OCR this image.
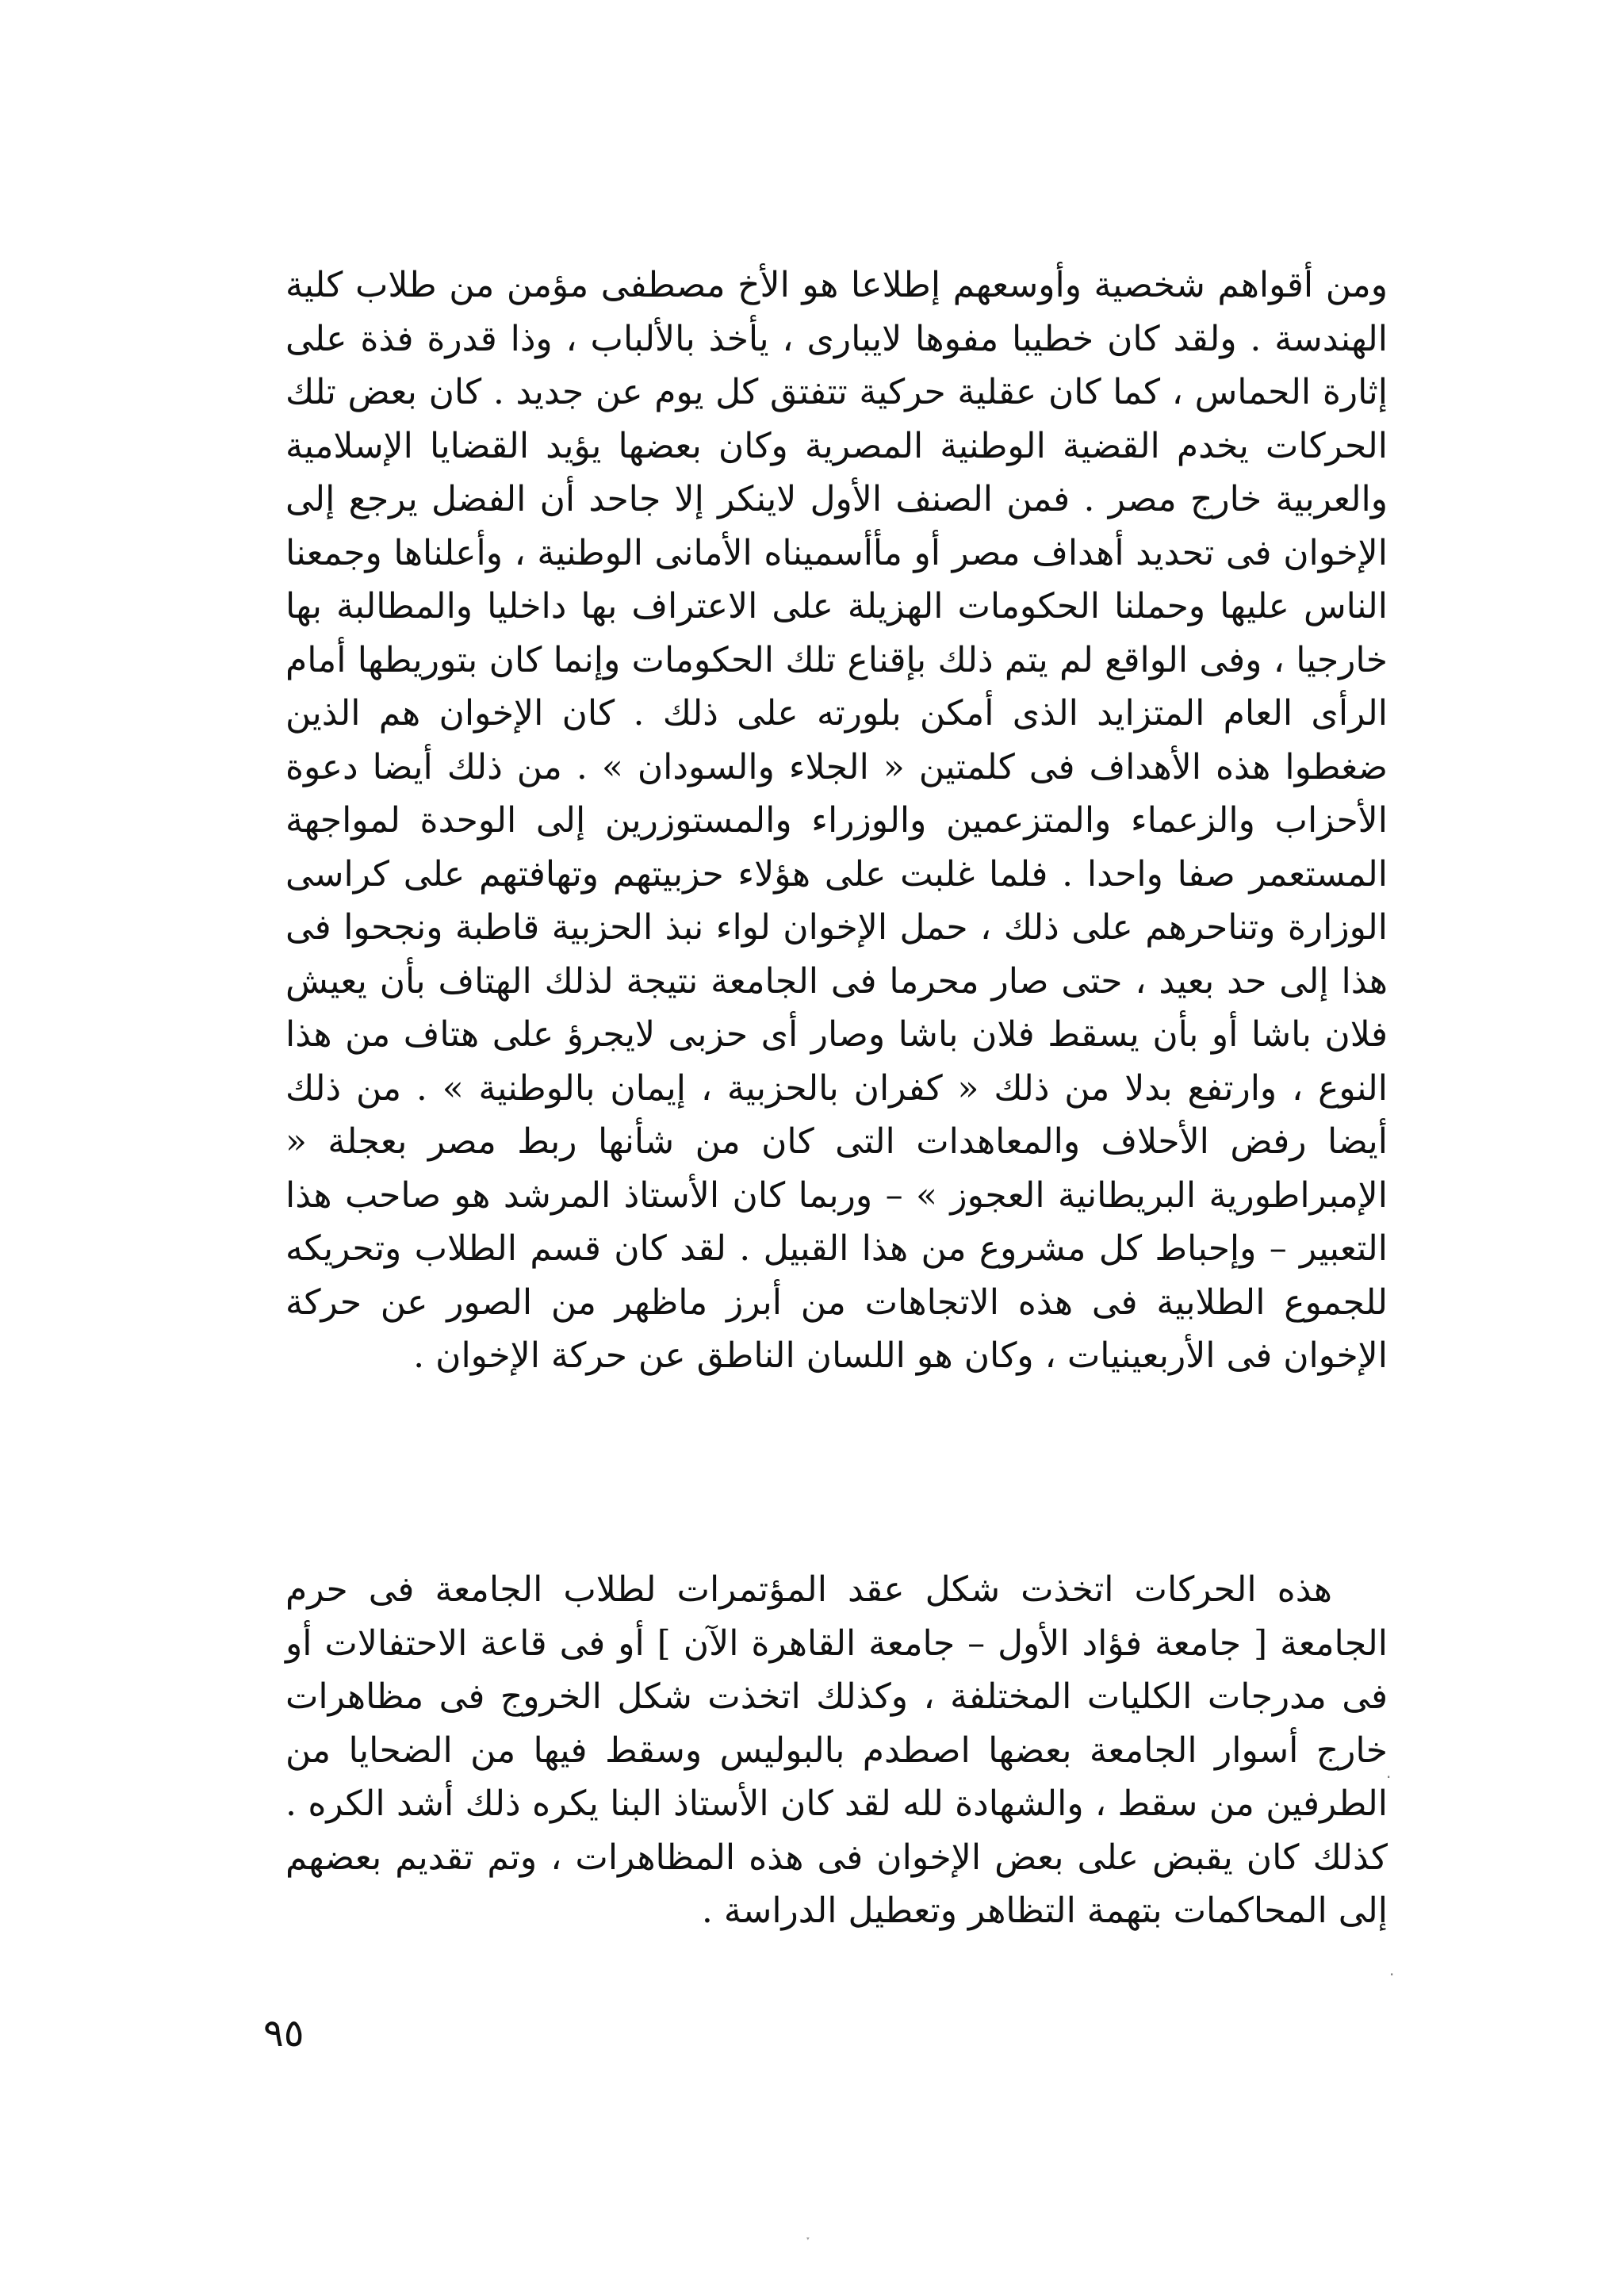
ومن أقواهم شخصية وأوسعهم إطلاعا هو الأخ مصطفى مؤمن من طلاب كلية الهندسة . ولقد كان خطيبا مفوها لايبارى ، يأخذ بالألباب ، وذا قدرة فذة على إثارة الحماس ، كما كان عقلية حركية تتفتق كل يوم عن جديد . كان بعض تلك الحركات يخدم القضية الوطنية المصرية وكان بعضها يؤيد القضايا الإسلامية والعربية خارج مصر . فمن الصنف الأول لاينكر إلا جاحد أن الفضل يرجع إلى الإخوان فى تحديد أهداف مصر أو مأأسميناه الأمانى الوطنية ، وأعلناها وجمعنا الناس عليها وحملنا الحكومات الهزيلة على الاعتراف بها داخليا والمطالبة بها خارجيا ، وفى الواقع لم يتم ذلك بإقناع تلك الحكومات وإنما كان بتوريطها أمام الرأى العام المتزايد الذى أمكن بلورته على ذلك . كان الإخوان هم الذين ضغطوا هذه الأهداف فى كلمتين « الجلاء والسودان » . من ذلك أيضا دعوة الأحزاب والزعماء والمتزعمين والوزراء والمستوزرين إلى الوحدة لمواجهة المستعمر صفا واحدا . فلما غلبت على هؤلاء حزبيتهم وتهافتهم على كراسى الوزارة وتناحرهم على ذلك ، حمل الإخوان لواء نبذ الحزبية قاطبة ونجحوا فى هذا إلى حد بعيد ، حتى صار محرما فى الجامعة نتيجة لذلك الهتاف بأن يعيش فلان باشا أو بأن يسقط فلان باشا وصار أى حزبى لايجرؤ على هتاف من هذا النوع ، وارتفع بدلا من ذلك « كفران بالحزبية ، إيمان بالوطنية » . من ذلك أيضا رفض الأحلاف والمعاهدات التى كان من شأنها ربط مصر بعجلة « الإمبراطورية البريطانية العجوز » – وربما كان الأستاذ المرشد هو صاحب هذا التعبير – وإحباط كل مشروع من هذا القبيل . لقد كان قسم الطلاب وتحريكه للجموع الطلابية فى هذه الاتجاهات من أبرز ماظهر من الصور عن حركة الإخوان فى الأربعينيات ، وكان هو اللسان الناطق عن حركة الإخوان .

هذه الحركات اتخذت شكل عقد المؤتمرات لطلاب الجامعة فى حرم الجامعة [ جامعة فؤاد الأول – جامعة القاهرة الآن ] أو فى قاعة الاحتفالات أو فى مدرجات الكليات المختلفة ، وكذلك اتخذت شكل الخروج فى مظاهرات خارج أسوار الجامعة بعضها اصطدم بالبوليس وسقط فيها من الضحايا من الطرفين من سقط ، والشهادة لله لقد كان الأستاذ البنا يكره ذلك أشد الكره . كذلك كان يقبض على بعض الإخوان فى هذه المظاهرات ، وتم تقديم بعضهم إلى المحاكمات بتهمة التظاهر وتعطيل الدراسة .

٩٥
·
·
ˑ
